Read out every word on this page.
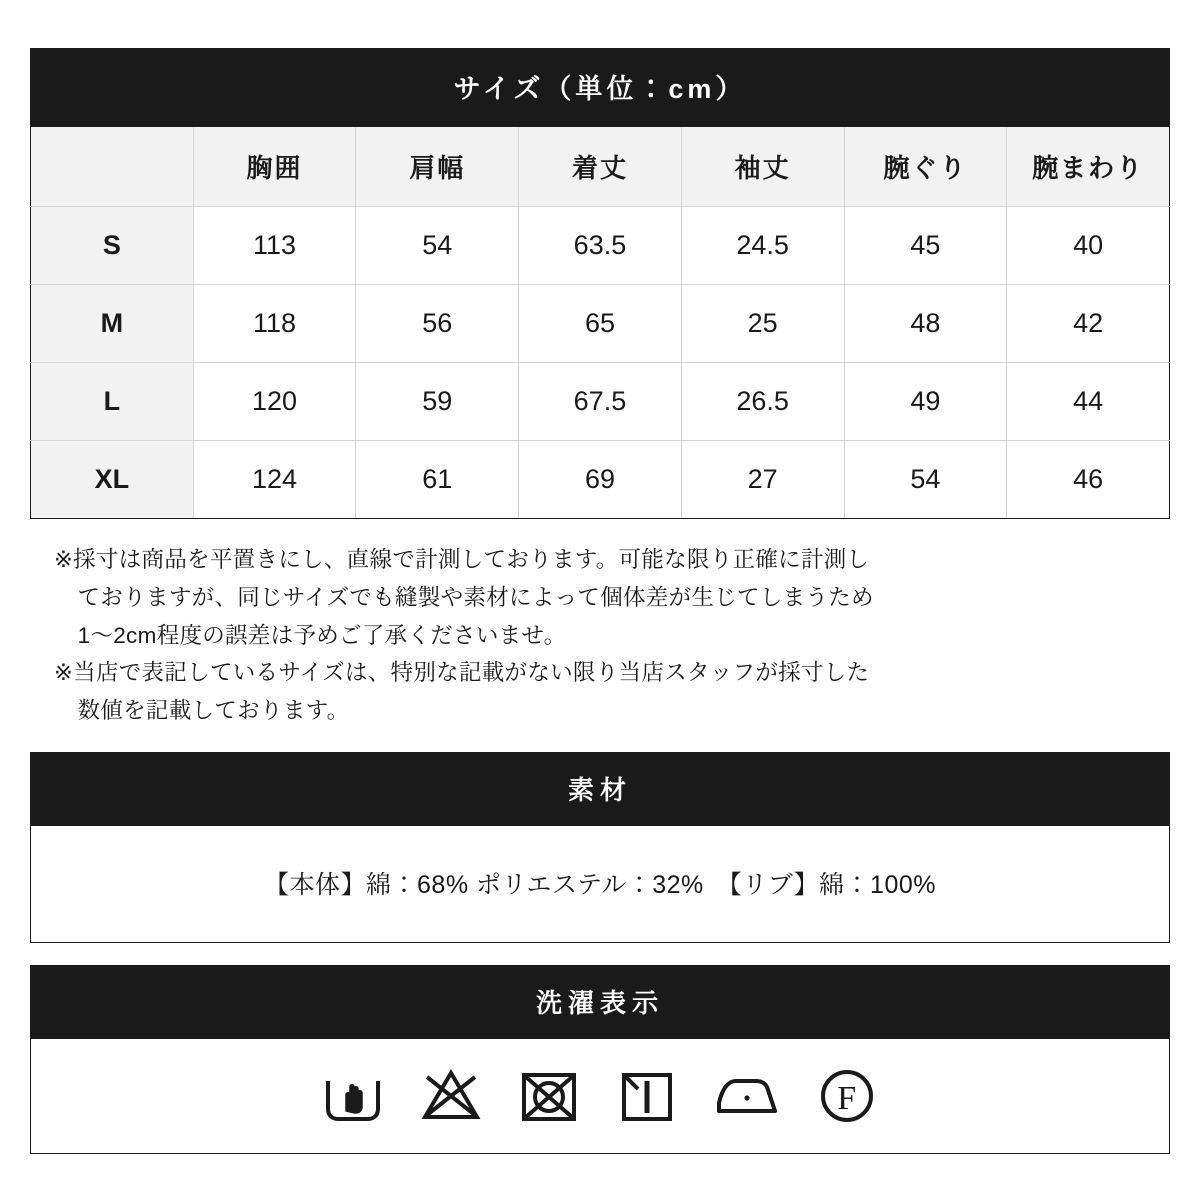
サイズ（単位：cm）						
	胸囲	肩幅	着丈	袖丈	腕ぐり	腕まわり
S	113	54	63.5	24.5	45	40
M	118	56	65	25	48	42
L	120	59	67.5	26.5	49	44
XL	124	61	69	27	54	46
※採寸は商品を平置きにし、直線で計測しております。可能な限り正確に計測し
ておりますが、同じサイズでも縫製や素材によって個体差が生じてしまうため
1〜2cm程度の誤差は予めご了承くださいませ。
※当店で表記しているサイズは、特別な記載がない限り当店スタッフが採寸した
数値を記載しております。
素材
【本体】綿：68% ポリエステル：32%　【リブ】綿：100%
洗濯表示
F
